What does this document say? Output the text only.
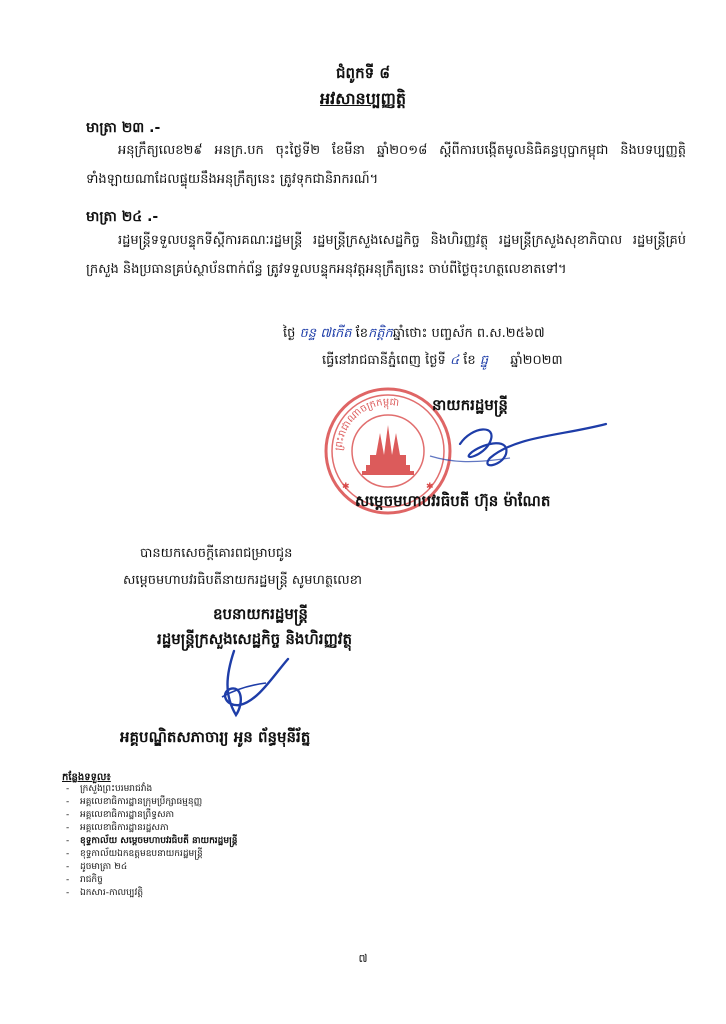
ជំពូកទី ៨
អវសានប្បញ្ញត្តិ
មាត្រា ២៣ .-
អនុក្រឹត្យលេខ២៩ អនក្រ.បក ចុះថ្ងៃទី២ ខែមីនា ឆ្នាំ២០១៨ ស្តីពីការបង្កើតមូលនិធិគន្ធបុប្ផាកម្ពុជា និងបទប្បញ្ញត្តិទាំងឡាយណាដែលផ្ទុយនឹងអនុក្រឹត្យនេះ ត្រូវទុកជានិរាករណ៍។
មាត្រា ២៤ .-
រដ្ឋមន្ត្រីទទួលបន្ទុកទីស្តីការគណៈរដ្ឋមន្ត្រី រដ្ឋមន្ត្រីក្រសួងសេដ្ឋកិច្ច និងហិរញ្ញវត្ថុ រដ្ឋមន្ត្រីក្រសួងសុខាភិបាល រដ្ឋមន្ត្រីគ្រប់ក្រសួង និងប្រធានគ្រប់ស្ថាប័នពាក់ព័ន្ធ ត្រូវទទួលបន្ទុកអនុវត្តអនុក្រឹត្យនេះ ចាប់ពីថ្ងៃចុះហត្ថលេខាតទៅ។
ថ្ងៃ ចន្ទ ៧កើត ខែកត្តិកឆ្នាំថោះ បញ្ចស័ក ព.ស.២៥៦៧
ធ្វើនៅរាជធានីភ្នំពេញ ថ្ងៃទី ៤ ខែ ធ្នូ ឆ្នាំ២០២៣
ព្រះរាជាណាចក្រកម្ពុជា
✱	✱
នាយករដ្ឋមន្ត្រី
សម្តេចមហាបវរធិបតី ហ៊ុន ម៉ាណែត
បានយកសេចក្តីគោរពជម្រាបជូន
សម្តេចមហាបវរធិបតីនាយករដ្ឋមន្ត្រី សូមហត្ថលេខា
ឧបនាយករដ្ឋមន្ត្រី
រដ្ឋមន្ត្រីក្រសួងសេដ្ឋកិច្ច និងហិរញ្ញវត្ថុ
អគ្គបណ្ឌិតសភាចារ្យ អូន ព័ន្ធមុនីរ័ត្ន
កន្លែងទទួល៖
- ក្រសួងព្រះបរមរាជវាំង
- អគ្គលេខាធិការដ្ឋានក្រុមប្រឹក្សាធម្មនុញ្ញ
- អគ្គលេខាធិការដ្ឋានព្រឹទ្ធសភា
- អគ្គលេខាធិការដ្ឋានរដ្ឋសភា
- ខុទ្ទកាល័យ សម្តេចមហាបវរធិបតី នាយករដ្ឋមន្ត្រី
- ខុទ្ទកាល័យឯកឧត្តមឧបនាយករដ្ឋមន្ត្រី
- ដូចមាត្រា ២៤
- រាជកិច្ច
- ឯកសារ-កាលប្បវត្តិ
៧
